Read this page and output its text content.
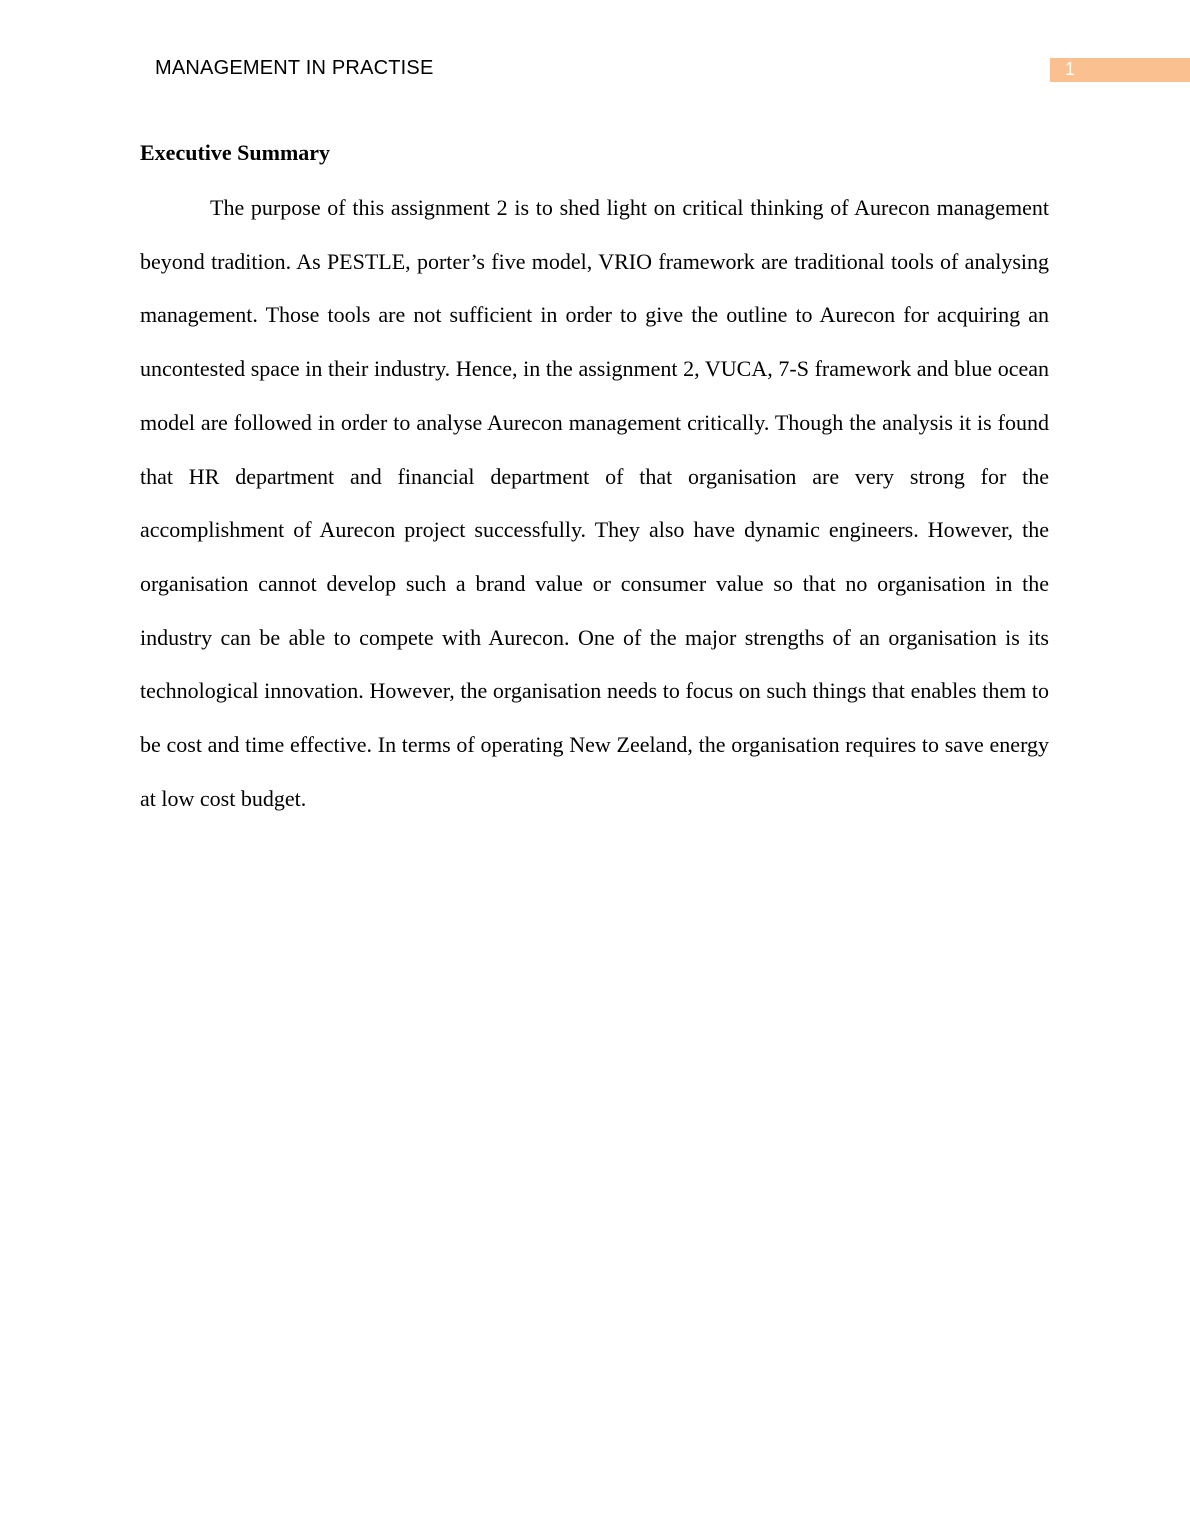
MANAGEMENT IN PRACTISE	1
Executive Summary

The purpose of this assignment 2 is to shed light on critical thinking of Aurecon management beyond tradition. As PESTLE, porter’s five model, VRIO framework are traditional tools of analysing management. Those tools are not sufficient in order to give the outline to Aurecon for acquiring an uncontested space in their industry. Hence, in the assignment 2, VUCA, 7-S framework and blue ocean model are followed in order to analyse Aurecon management critically. Though the analysis it is found that HR department and financial department of that organisation are very strong for the accomplishment of Aurecon project successfully. They also have dynamic engineers. However, the organisation cannot develop such a brand value or consumer value so that no organisation in the industry can be able to compete with Aurecon. One of the major strengths of an organisation is its technological innovation. However, the organisation needs to focus on such things that enables them to be cost and time effective. In terms of operating New Zeeland, the organisation requires to save energy at low cost budget.
